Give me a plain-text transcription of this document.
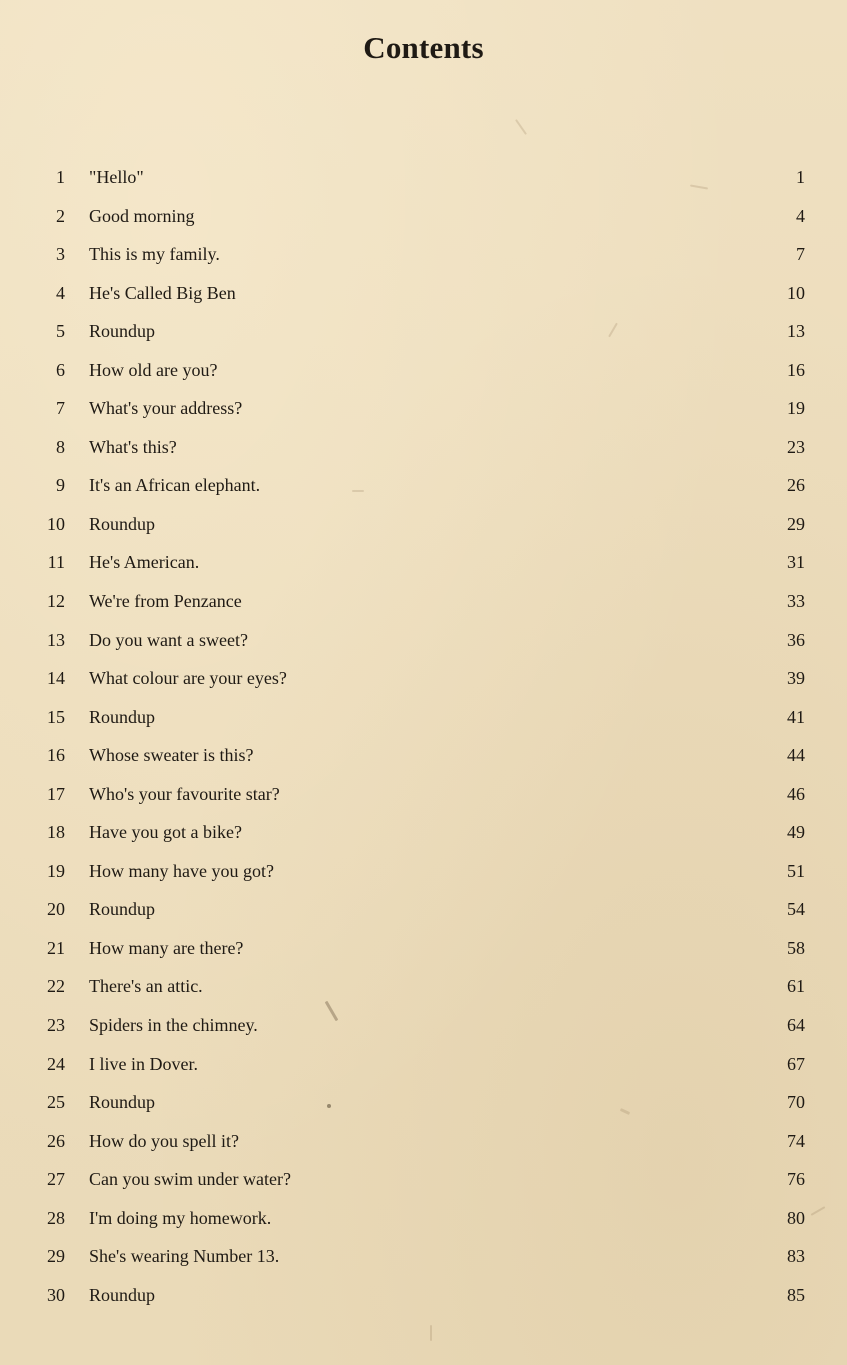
Contents
1 "Hello"	1
2 Good morning	4
3 This is my family.	7
4 He's Called Big Ben	10
5 Roundup	13
6 How old are you?	16
7 What's your address?	19
8 What's this?	23
9 It's an African elephant.	26
10 Roundup	29
11 He's American.	31
12 We're from Penzance	33
13 Do you want a sweet?	36
14 What colour are your eyes?	39
15 Roundup	41
16 Whose sweater is this?	44
17 Who's your favourite star?	46
18 Have you got a bike?	49
19 How many have you got?	51
20 Roundup	54
21 How many are there?	58
22 There's an attic.	61
23 Spiders in the chimney.	64
24 I live in Dover.	67
25 Roundup	70
26 How do you spell it?	74
27 Can you swim under water?	76
28 I'm doing my homework.	80
29 She's wearing Number 13.	83
30 Roundup	85
